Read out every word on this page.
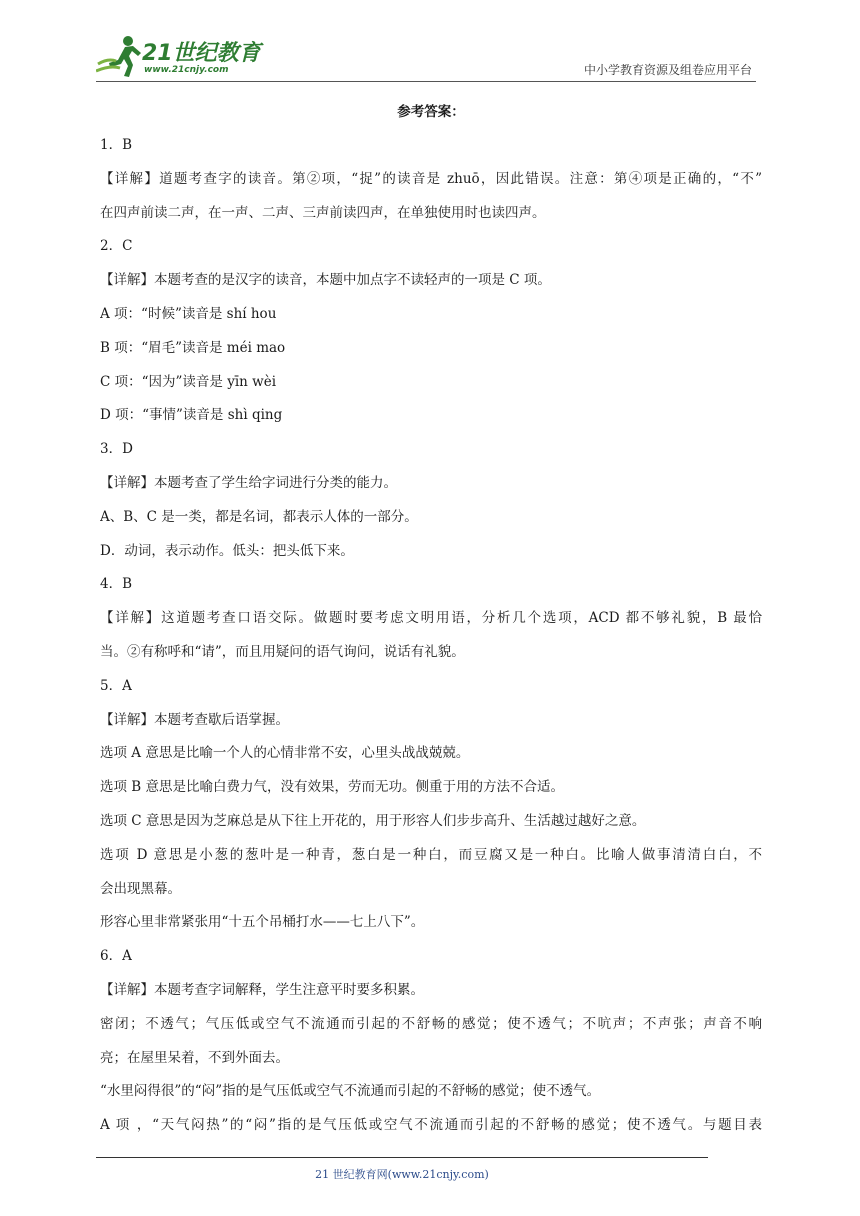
21世纪教育
www.21cnjy.com	中小学教育资源及组卷应用平台
参考答案：
1．B
【详解】道题考查字的读音。第②项，“捉”的读音是 zhuō，因此错误。注意：第④项是正确的，“不”
在四声前读二声，在一声、二声、三声前读四声，在单独使用时也读四声。
2．C
【详解】本题考查的是汉字的读音，本题中加点字不读轻声的一项是 C 项。
A 项：“时候”读音是 shí hou
B 项：“眉毛”读音是 méi mao
C 项：“因为”读音是 yīn wèi
D 项：“事情”读音是 shì qing
3．D
【详解】本题考查了学生给字词进行分类的能力。
A、B、C 是一类，都是名词，都表示人体的一部分。
D．动词，表示动作。低头：把头低下来。
4．B
【详解】这道题考查口语交际。做题时要考虑文明用语，分析几个选项，ACD 都不够礼貌，B 最恰
当。②有称呼和“请”，而且用疑问的语气询问，说话有礼貌。
5．A
【详解】本题考查歇后语掌握。
选项 A 意思是比喻一个人的心情非常不安，心里头战战兢兢。
选项 B 意思是比喻白费力气，没有效果，劳而无功。侧重于用的方法不合适。
选项 C 意思是因为芝麻总是从下往上开花的，用于形容人们步步高升、生活越过越好之意。
选项 D 意思是小葱的葱叶是一种青，葱白是一种白，而豆腐又是一种白。比喻人做事清清白白，不
会出现黑幕。
形容心里非常紧张用“十五个吊桶打水——七上八下”。
6．A
【详解】本题考查字词解释，学生注意平时要多积累。
密闭；不透气；气压低或空气不流通而引起的不舒畅的感觉；使不透气；不吭声；不声张；声音不响
亮；在屋里呆着，不到外面去。
“水里闷得很”的“闷”指的是气压低或空气不流通而引起的不舒畅的感觉；使不透气。
A 项 ，“天气闷热”的“闷”指的是气压低或空气不流通而引起的不舒畅的感觉；使不透气。与题目表
21 世纪教育网(www.21cnjy.com)
